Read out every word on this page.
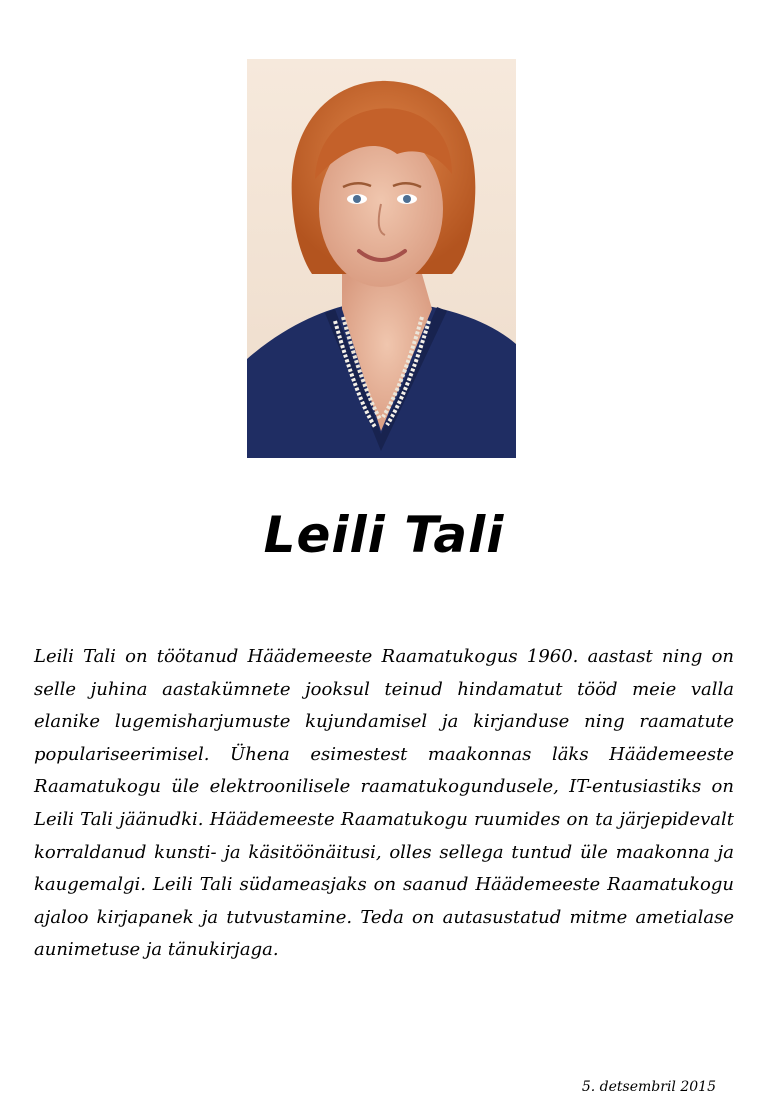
Leili Tali

Leili Tali on töötanud Häädemeeste Raamatukogus 1960. aastast ning on selle juhina aastakümnete jooksul teinud hindamatut tööd meie valla elanike lugemisharjumuste kujundamisel ja kirjanduse ning raamatute populariseerimisel. Ühena esimestest maakonnas läks Häädemeeste Raamatukogu üle elektroonilisele raamatukogundusele, IT-entusiastiks on Leili Tali jäänudki. Häädemeeste Raamatukogu ruumides on ta järjepidevalt korraldanud kunsti- ja käsitöönäitusi, olles sellega tuntud üle maakonna ja kaugemalgi. Leili Tali südameasjaks on saanud Häädemeeste Raamatukogu ajaloo kirjapanek ja tutvustamine. Teda on autasustatud mitme ametialase aunimetuse ja tänukirjaga.

5. detsembril 2015
